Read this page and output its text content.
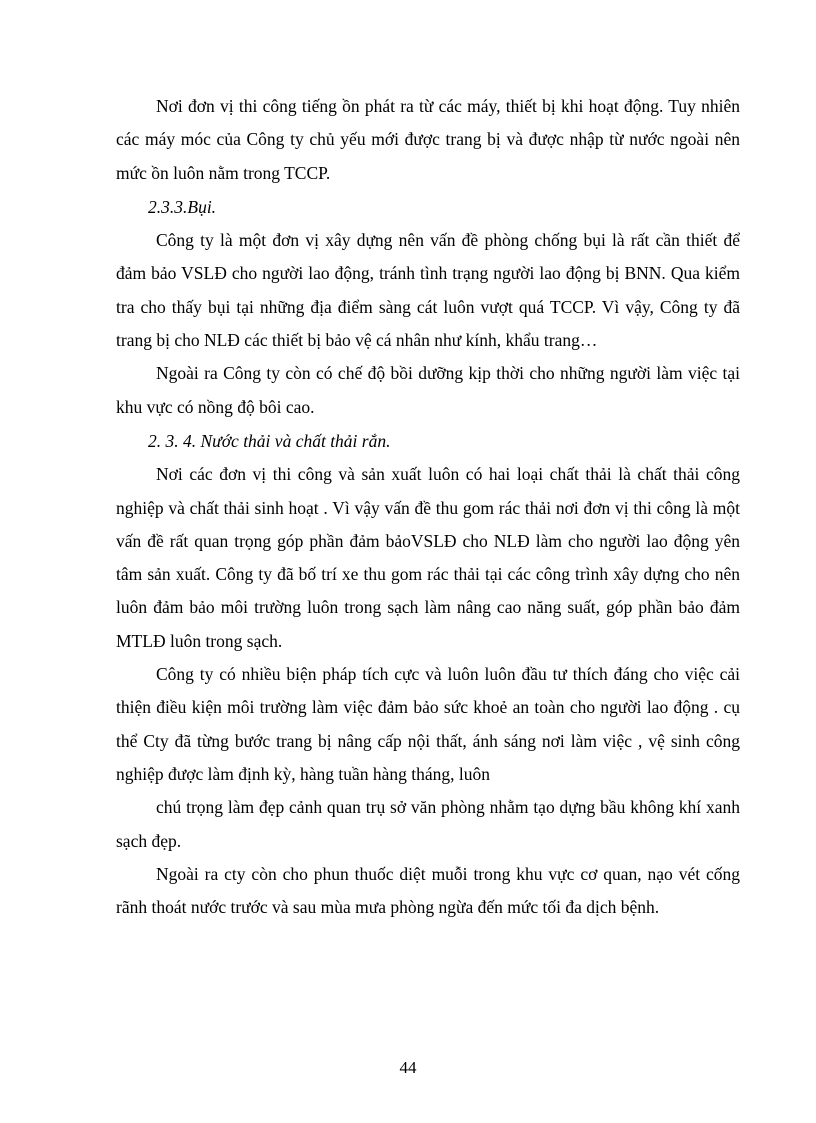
Nơi đơn vị thi công tiếng ồn phát ra từ các máy, thiết bị khi hoạt động. Tuy nhiên các máy móc của Công ty chủ yếu mới được trang bị và được nhập từ nước ngoài nên mức ồn luôn nằm trong TCCP.

2.3.3.Bụi.

Công ty là một đơn vị xây dựng nên vấn đề phòng chống bụi là rất cần thiết để đảm bảo VSLĐ cho người lao động, tránh tình trạng người lao động bị BNN. Qua kiểm tra cho thấy bụi tại những địa điểm sàng cát luôn vượt quá TCCP. Vì vậy, Công ty đã trang bị cho NLĐ các thiết bị bảo vệ cá nhân như kính, khẩu trang…

Ngoài ra Công ty còn có chế độ bồi dưỡng kịp thời cho những người làm việc tại khu vực có nồng độ bôi cao.

2. 3. 4. Nước thải và chất thải rắn.

Nơi các đơn vị thi công và sản xuất luôn có hai loại chất thải là chất thải công nghiệp và chất thải sinh hoạt . Vì vậy vấn đề thu gom rác thải nơi đơn vị thi công là một vấn đề rất quan trọng góp phần đảm bảoVSLĐ cho NLĐ làm cho người lao động yên tâm sản xuất. Công ty đã bố trí xe thu gom rác thải tại các công trình xây dựng cho nên luôn đảm bảo môi trường luôn trong sạch làm nâng cao năng suất, góp phần bảo đảm MTLĐ luôn trong sạch.

Công ty có nhiều biện pháp tích cực và luôn luôn đầu tư thích đáng cho việc cải thiện điều kiện môi trường làm việc đảm bảo sức khoẻ an toàn cho người lao động . cụ thể Cty đã từng bước trang bị nâng cấp nội thất, ánh sáng nơi làm việc , vệ sinh công nghiệp được làm định kỳ, hàng tuần hàng tháng, luôn

chú trọng làm đẹp cảnh quan trụ sở văn phòng nhằm tạo dựng bầu không khí xanh sạch đẹp.

Ngoài ra cty còn cho phun thuốc diệt muỗi trong khu vực cơ quan, nạo vét cống rãnh thoát nước trước và sau mùa mưa phòng ngừa đến mức tối đa dịch bệnh.

44
